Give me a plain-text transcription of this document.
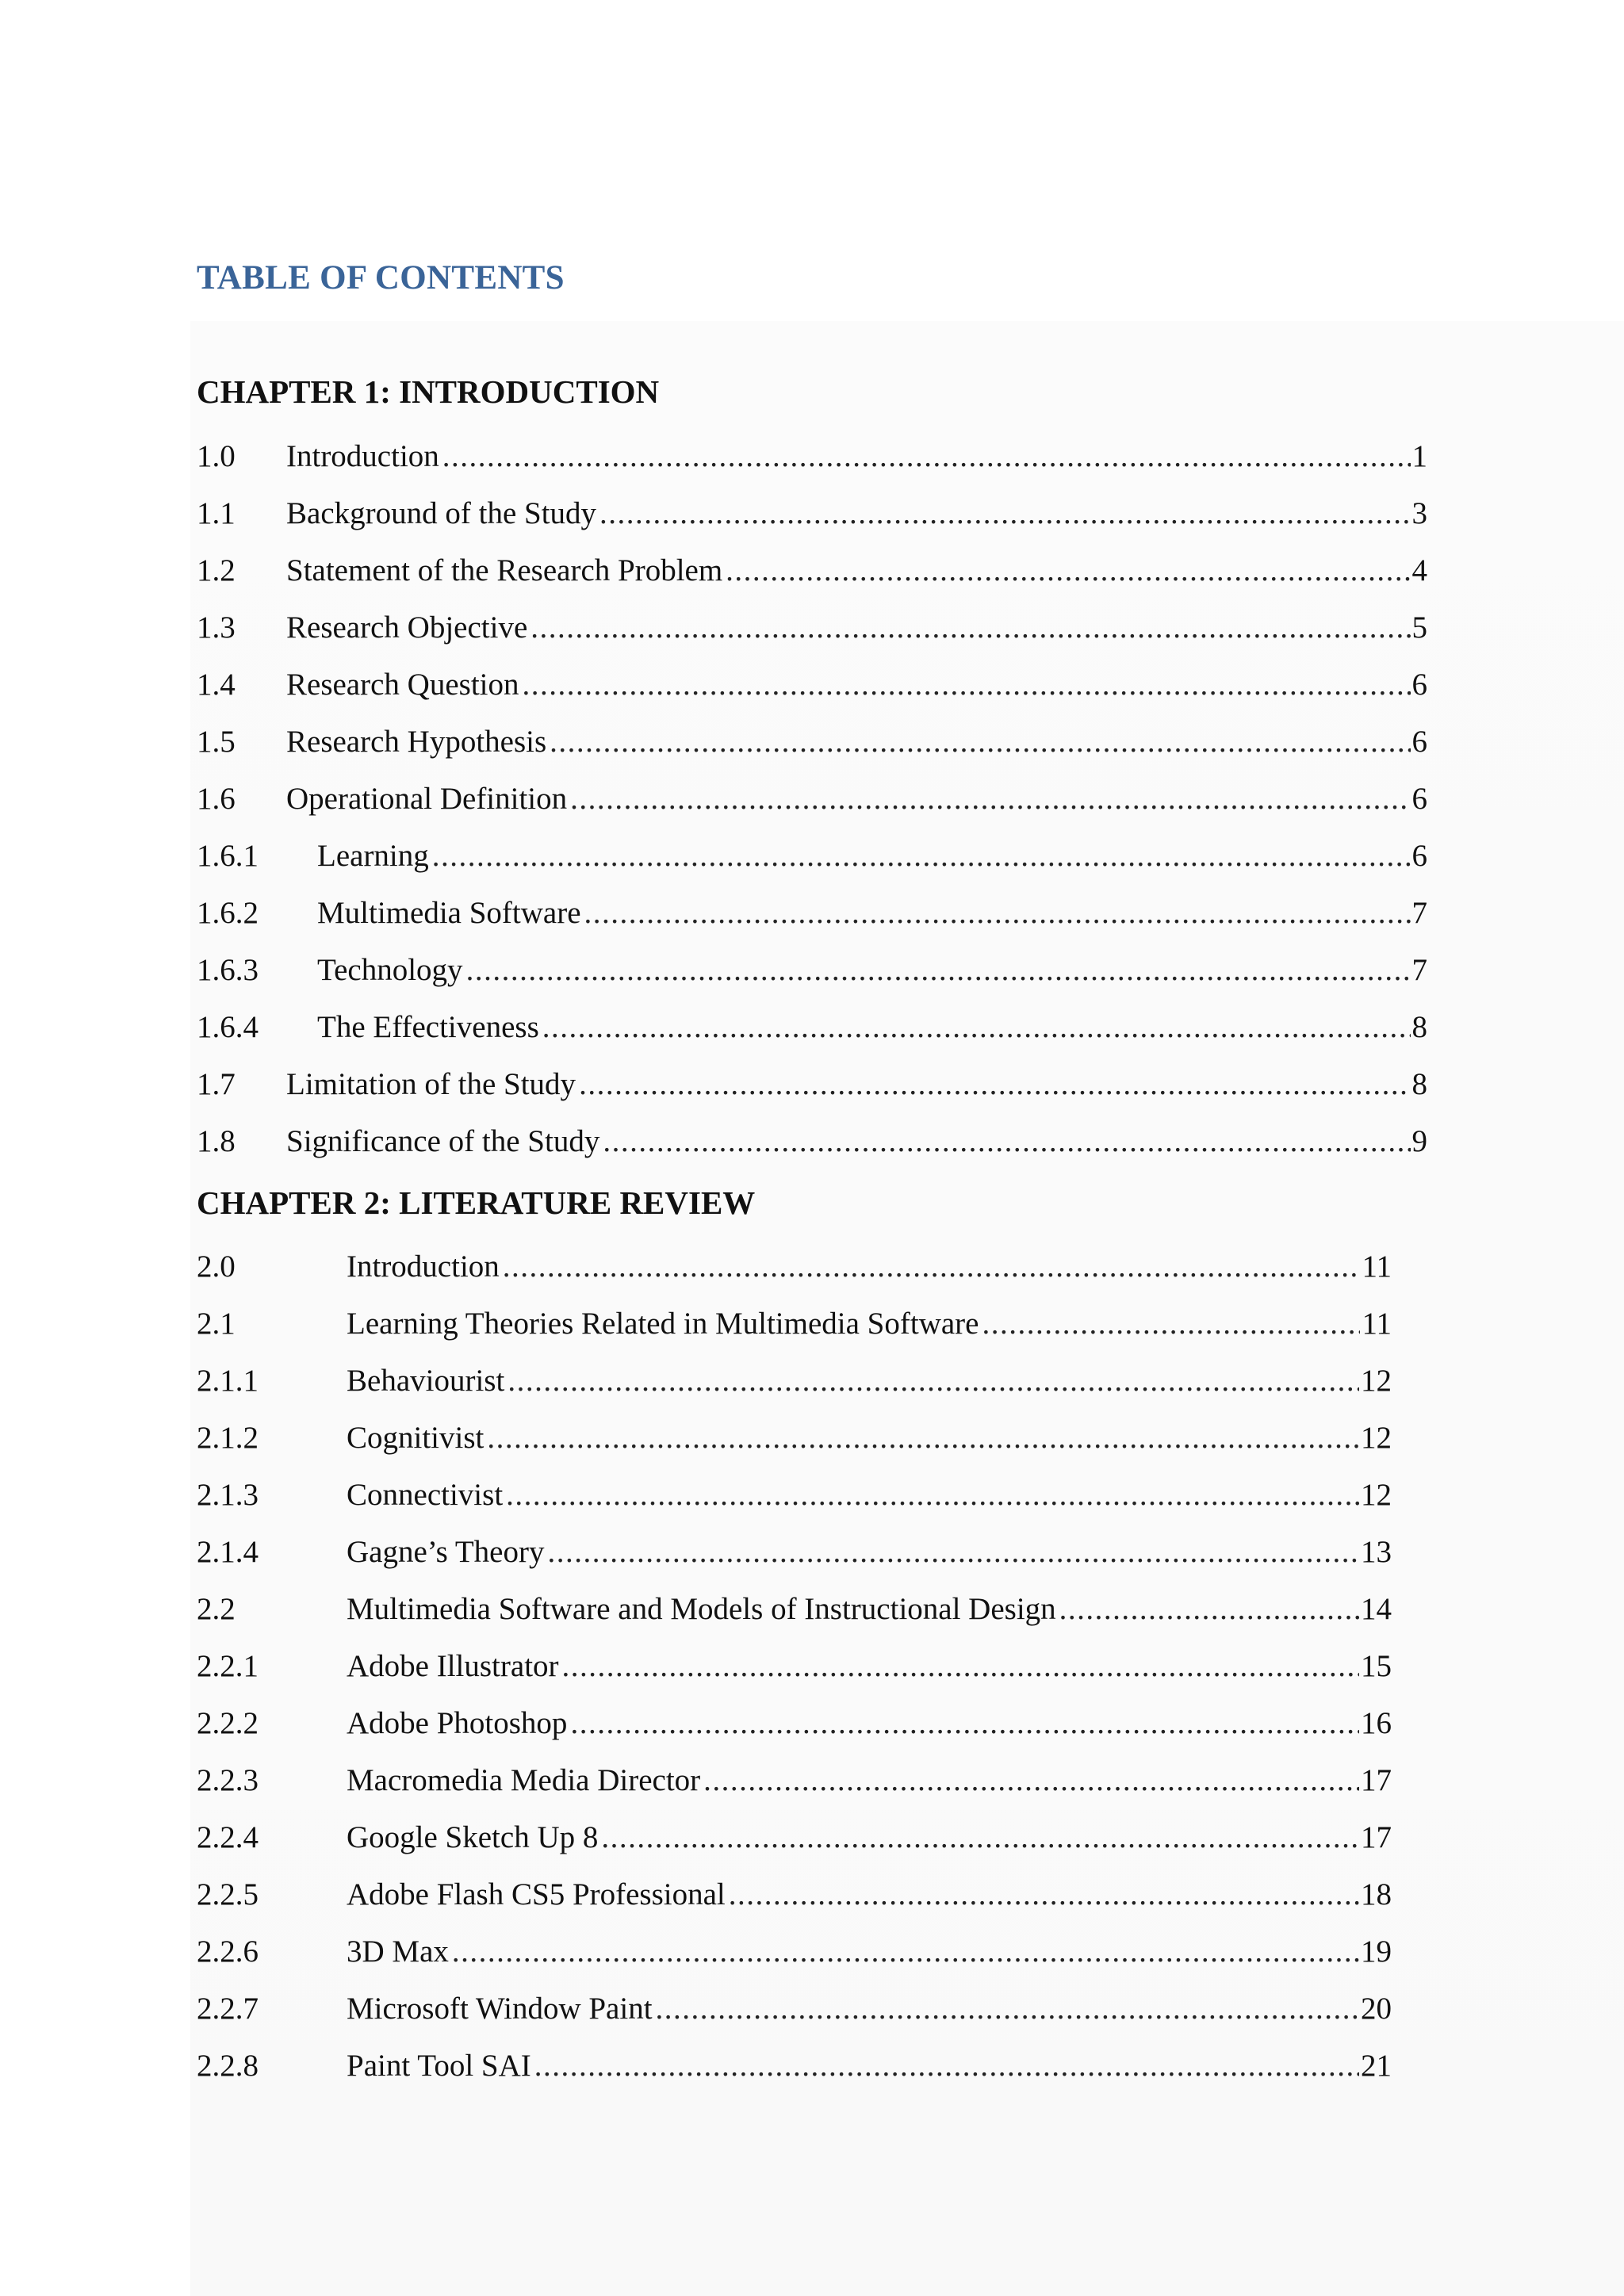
TABLE OF CONTENTS
CHAPTER 1: INTRODUCTION
1.0	Introduction .....	1
1.1	Background of the Study .....	3
1.2	Statement of the Research Problem .....	4
1.3	Research Objective .....	5
1.4	Research Question .....	6
1.5	Research Hypothesis .....	6
1.6	Operational Definition .....	6
1.6.1	Learning .....	6
1.6.2	Multimedia Software .....	7
1.6.3	Technology .....	7
1.6.4	The Effectiveness .....	8
1.7	Limitation of the Study .....	8
1.8	Significance of the Study .....	9
CHAPTER 2: LITERATURE REVIEW
2.0	Introduction .....	11
2.1	Learning Theories Related in Multimedia Software .....	11
2.1.1	Behaviourist .....	12
2.1.2	Cognitivist .....	12
2.1.3	Connectivist .....	12
2.1.4	Gagne’s Theory .....	13
2.2	Multimedia Software and Models of Instructional Design .....	14
2.2.1	Adobe Illustrator .....	15
2.2.2	Adobe Photoshop .....	16
2.2.3	Macromedia Media Director .....	17
2.2.4	Google Sketch Up 8 .....	17
2.2.5	Adobe Flash CS5 Professional .....	18
2.2.6	3D Max .....	19
2.2.7	Microsoft Window Paint .....	20
2.2.8	Paint Tool SAI .....	21
